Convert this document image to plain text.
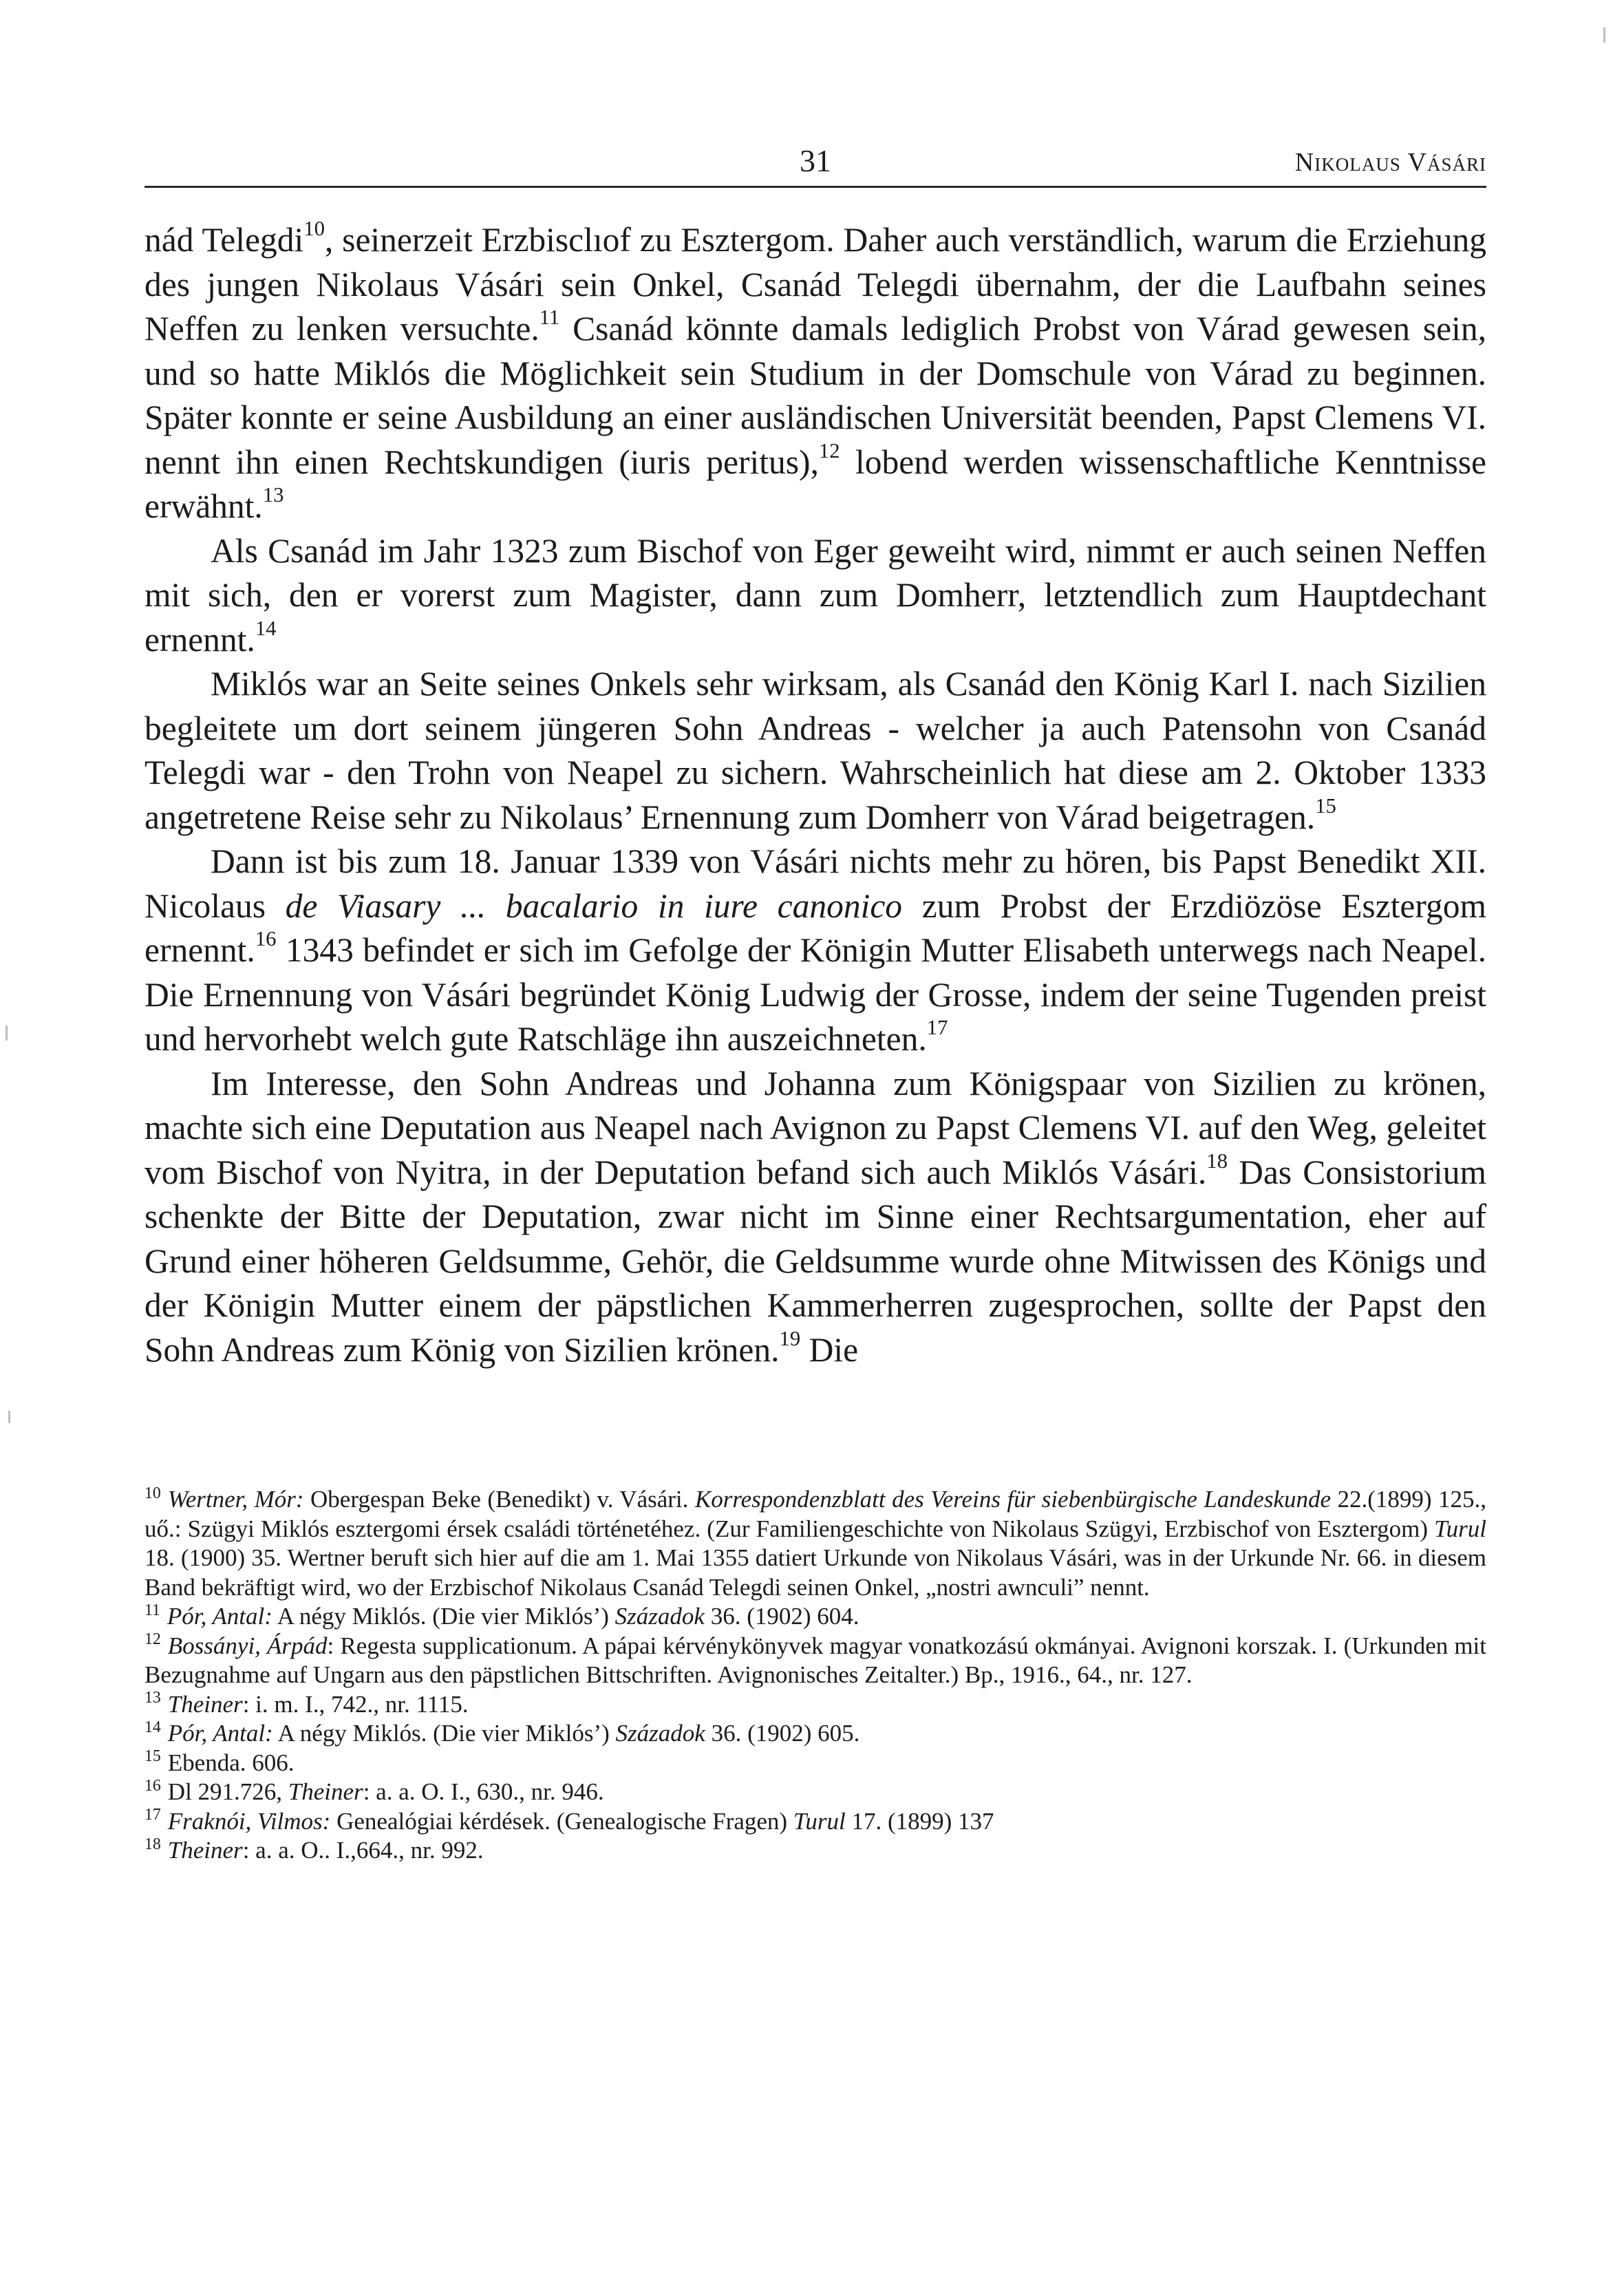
31	Nikolaus Vásári

nád Telegdi$^{10}$, seinerzeit Erzbisclıof zu Esztergom. Daher auch verständlich, warum die Erziehung des jungen Nikolaus Vásári sein Onkel, Csanád Telegdi übernahm, der die Laufbahn seines Neffen zu lenken versuchte.$^{11}$ Csanád könnte damals lediglich Probst von Várad gewesen sein, und so hatte Miklós die Möglichkeit sein Studium in der Domschule von Várad zu beginnen. Später konnte er seine Ausbildung an einer ausländischen Universität beenden, Papst Clemens VI. nennt ihn einen Rechtskundigen (iuris peritus),$^{12}$ lobend werden wissenschaftliche Kenntnisse erwähnt.$^{13}$

Als Csanád im Jahr 1323 zum Bischof von Eger geweiht wird, nimmt er auch seinen Neffen mit sich, den er vorerst zum Magister, dann zum Domherr, letztendlich zum Hauptdechant ernennt.$^{14}$

Miklós war an Seite seines Onkels sehr wirksam, als Csanád den König Karl I. nach Sizilien begleitete um dort seinem jüngeren Sohn Andreas - welcher ja auch Patensohn von Csanád Telegdi war - den Trohn von Neapel zu sichern. Wahrscheinlich hat diese am 2. Oktober 1333 angetretene Reise sehr zu Nikolaus’ Ernennung zum Domherr von Várad beigetragen.$^{15}$

Dann ist bis zum 18. Januar 1339 von Vásári nichts mehr zu hören, bis Papst Benedikt XII. Nicolaus de Viasary ... bacalario in iure canonico zum Probst der Erzdiözöse Esztergom ernennt.$^{16}$ 1343 befindet er sich im Gefolge der Königin Mutter Elisabeth unterwegs nach Neapel. Die Ernennung von Vásári begründet König Ludwig der Grosse, indem der seine Tugenden preist und hervorhebt welch gute Ratschläge ihn auszeichneten.$^{17}$

Im Interesse, den Sohn Andreas und Johanna zum Königspaar von Sizilien zu krönen, machte sich eine Deputation aus Neapel nach Avignon zu Papst Clemens VI. auf den Weg, geleitet vom Bischof von Nyitra, in der Deputation befand sich auch Miklós Vásári.$^{18}$ Das Consistorium schenkte der Bitte der Deputation, zwar nicht im Sinne einer Rechtsargumentation, eher auf Grund einer höheren Geldsumme, Gehör, die Geldsumme wurde ohne Mitwissen des Königs und der Königin Mutter einem der päpstlichen Kammerherren zugesprochen, sollte der Papst den Sohn Andreas zum König von Sizilien krönen.$^{19}$ Die

$^{10}$ Wertner, Mór: Obergespan Beke (Benedikt) v. Vásári. Korrespondenzblatt des Vereins für siebenbürgische Landeskunde 22.(1899) 125., uő.: Szügyi Miklós esztergomi érsek családi történetéhez. (Zur Familiengeschichte von Nikolaus Szügyi, Erzbischof von Esztergom) Turul 18. (1900) 35. Wertner beruft sich hier auf die am 1. Mai 1355 datiert Urkunde von Nikolaus Vásári, was in der Urkunde Nr. 66. in diesem Band bekräftigt wird, wo der Erzbischof Nikolaus Csanád Telegdi seinen Onkel, „nostri awnculi” nennt.

$^{11}$ Pór, Antal: A négy Miklós. (Die vier Miklós’) Századok 36. (1902) 604.

$^{12}$ Bossányi, Árpád: Regesta supplicationum. A pápai kérvénykönyvek magyar vonatkozású okmányai. Avignoni korszak. I. (Urkunden mit Bezugnahme auf Ungarn aus den päpstlichen Bittschriften. Avignonisches Zeitalter.) Bp., 1916., 64., nr. 127.

$^{13}$ Theiner: i. m. I., 742., nr. 1115.

$^{14}$ Pór, Antal: A négy Miklós. (Die vier Miklós’) Századok 36. (1902) 605.

$^{15}$ Ebenda. 606.

$^{16}$ Dl 291.726, Theiner: a. a. O. I., 630., nr. 946.

$^{17}$ Fraknói, Vilmos: Genealógiai kérdések. (Genealogische Fragen) Turul 17. (1899) 137

$^{18}$ Theiner: a. a. O.. I.,664., nr. 992.
